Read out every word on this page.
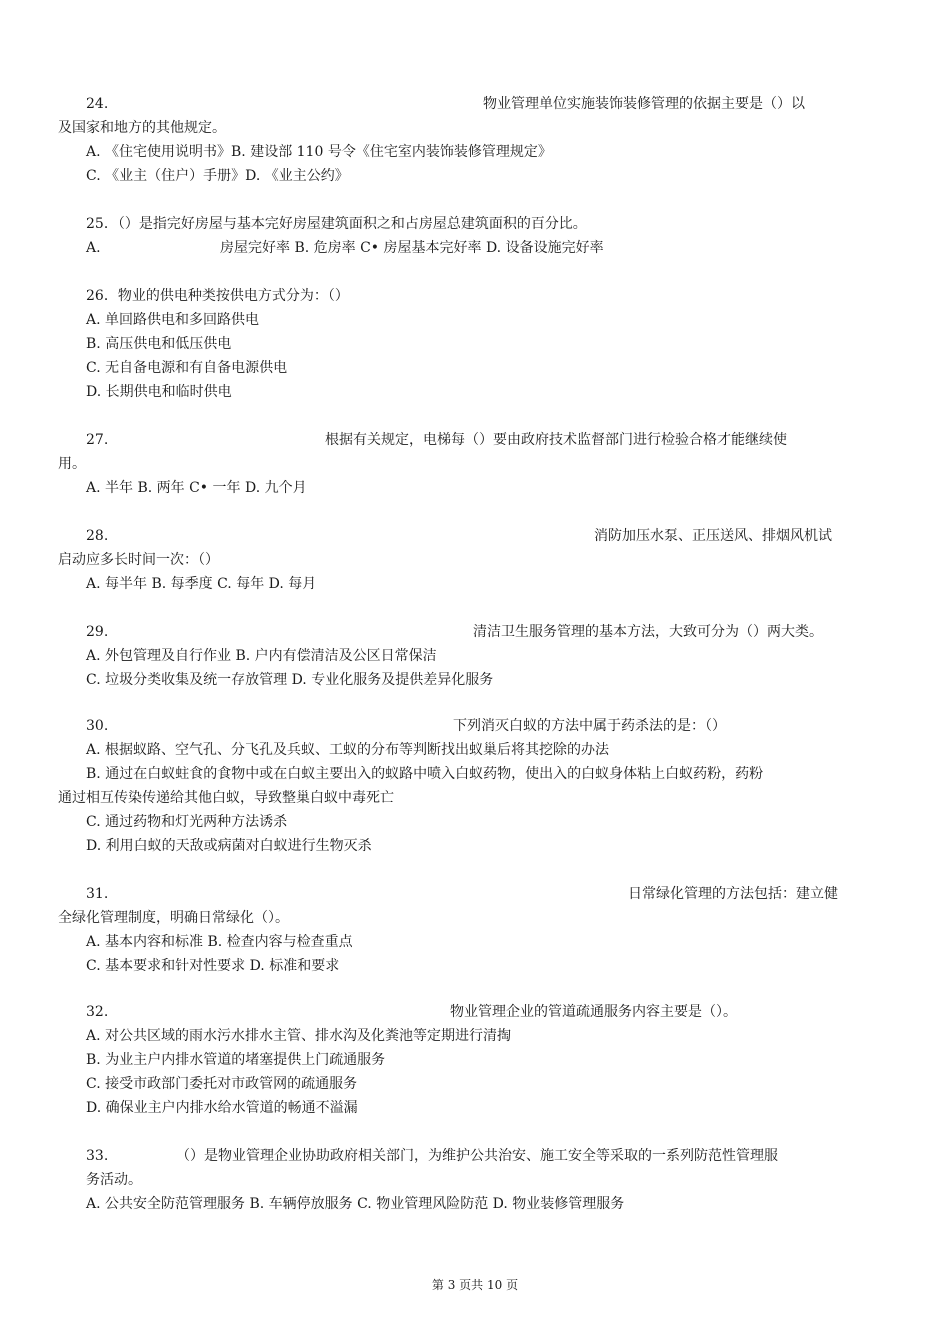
24.	物业管理单位实施装饰装修管理的依据主要是（）以
及国家和地方的其他规定。
A. 《住宅使用说明书》B. 建设部 110 号令《住宅室内装饰装修管理规定》
C. 《业主（住户）手册》D. 《业主公约》
25．（）是指完好房屋与基本完好房屋建筑面积之和占房屋总建筑面积的百分比。
A.	房屋完好率 B. 危房率 C• 房屋基本完好率 D. 设备设施完好率
26．物业的供电种类按供电方式分为：（）
A. 单回路供电和多回路供电
B. 高压供电和低压供电
C. 无自备电源和有自备电源供电
D. 长期供电和临时供电
27.	根据有关规定，电梯每（）要由政府技术监督部门进行检验合格才能继续使
用。
A. 半年 B. 两年 C• 一年 D. 九个月
28.	消防加压水泵、正压送风、排烟风机试
启动应多长时间一次：（）
A. 每半年 B. 每季度 C. 每年 D. 每月
29.	清洁卫生服务管理的基本方法，大致可分为（）两大类。
A. 外包管理及自行作业 B. 户内有偿清洁及公区日常保洁
C. 垃圾分类收集及统一存放管理 D. 专业化服务及提供差异化服务
30.	下列消灭白蚁的方法中属于药杀法的是：（）
A. 根据蚁路、空气孔、分飞孔及兵蚁、工蚁的分布等判断找出蚁巢后将其挖除的办法
B. 通过在白蚁蛀食的食物中或在白蚁主要出入的蚁路中喷入白蚁药物，使出入的白蚁身体粘上白蚁药粉，药粉
通过相互传染传递给其他白蚁，导致整巢白蚁中毒死亡
C. 通过药物和灯光两种方法诱杀
D. 利用白蚁的天敌或病菌对白蚁进行生物灭杀
31.	日常绿化管理的方法包括：建立健
全绿化管理制度，明确日常绿化（）。
A. 基本内容和标准 B. 检查内容与检查重点
C. 基本要求和针对性要求 D. 标准和要求
32.	物业管理企业的管道疏通服务内容主要是（）。
A. 对公共区域的雨水污水排水主管、排水沟及化粪池等定期进行清掏
B. 为业主户内排水管道的堵塞提供上门疏通服务
C. 接受市政部门委托对市政管网的疏通服务
D. 确保业主户内排水给水管道的畅通不溢漏
33.	（）是物业管理企业协助政府相关部门，为维护公共治安、施工安全等采取的一系列防范性管理服
务活动。
A. 公共安全防范管理服务 B. 车辆停放服务 C. 物业管理风险防范 D. 物业装修管理服务
第 3 页共 10 页
